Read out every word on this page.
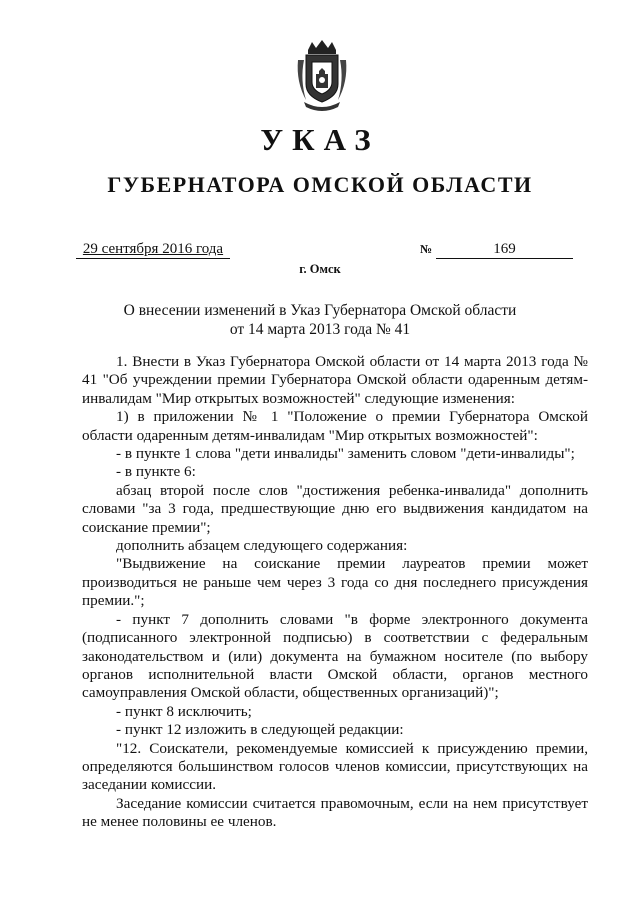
УКАЗ
ГУБЕРНАТОРА ОМСКОЙ ОБЛАСТИ
29 сентября 2016 года	№	169
г. Омск
О внесении изменений в Указ Губернатора Омской области
от 14 марта 2013 года № 41

1. Внести в Указ Губернатора Омской области от 14 марта 2013 года № 41 "Об учреждении премии Губернатора Омской области одаренным детям-инвалидам "Мир открытых возможностей" следующие изменения:

1) в приложении № 1 "Положение о премии Губернатора Омской области одаренным детям-инвалидам "Мир открытых возможностей":

- в пункте 1 слова "дети инвалиды" заменить словом "дети-инвалиды";

- в пункте 6:

абзац второй после слов "достижения ребенка-инвалида" дополнить словами "за 3 года, предшествующие дню его выдвижения кандидатом на соискание премии";

дополнить абзацем следующего содержания:

"Выдвижение на соискание премии лауреатов премии может производиться не раньше чем через 3 года со дня последнего присуждения премии.";

- пункт 7 дополнить словами "в форме электронного документа (подписанного электронной подписью) в соответствии с федеральным законодательством и (или) документа на бумажном носителе (по выбору органов исполнительной власти Омской области, органов местного самоуправления Омской области, общественных организаций)";

- пункт 8 исключить;

- пункт 12 изложить в следующей редакции:

"12. Соискатели, рекомендуемые комиссией к присуждению премии, определяются большинством голосов членов комиссии, присутствующих на заседании комиссии.

Заседание комиссии считается правомочным, если на нем присутствует не менее половины ее членов.
